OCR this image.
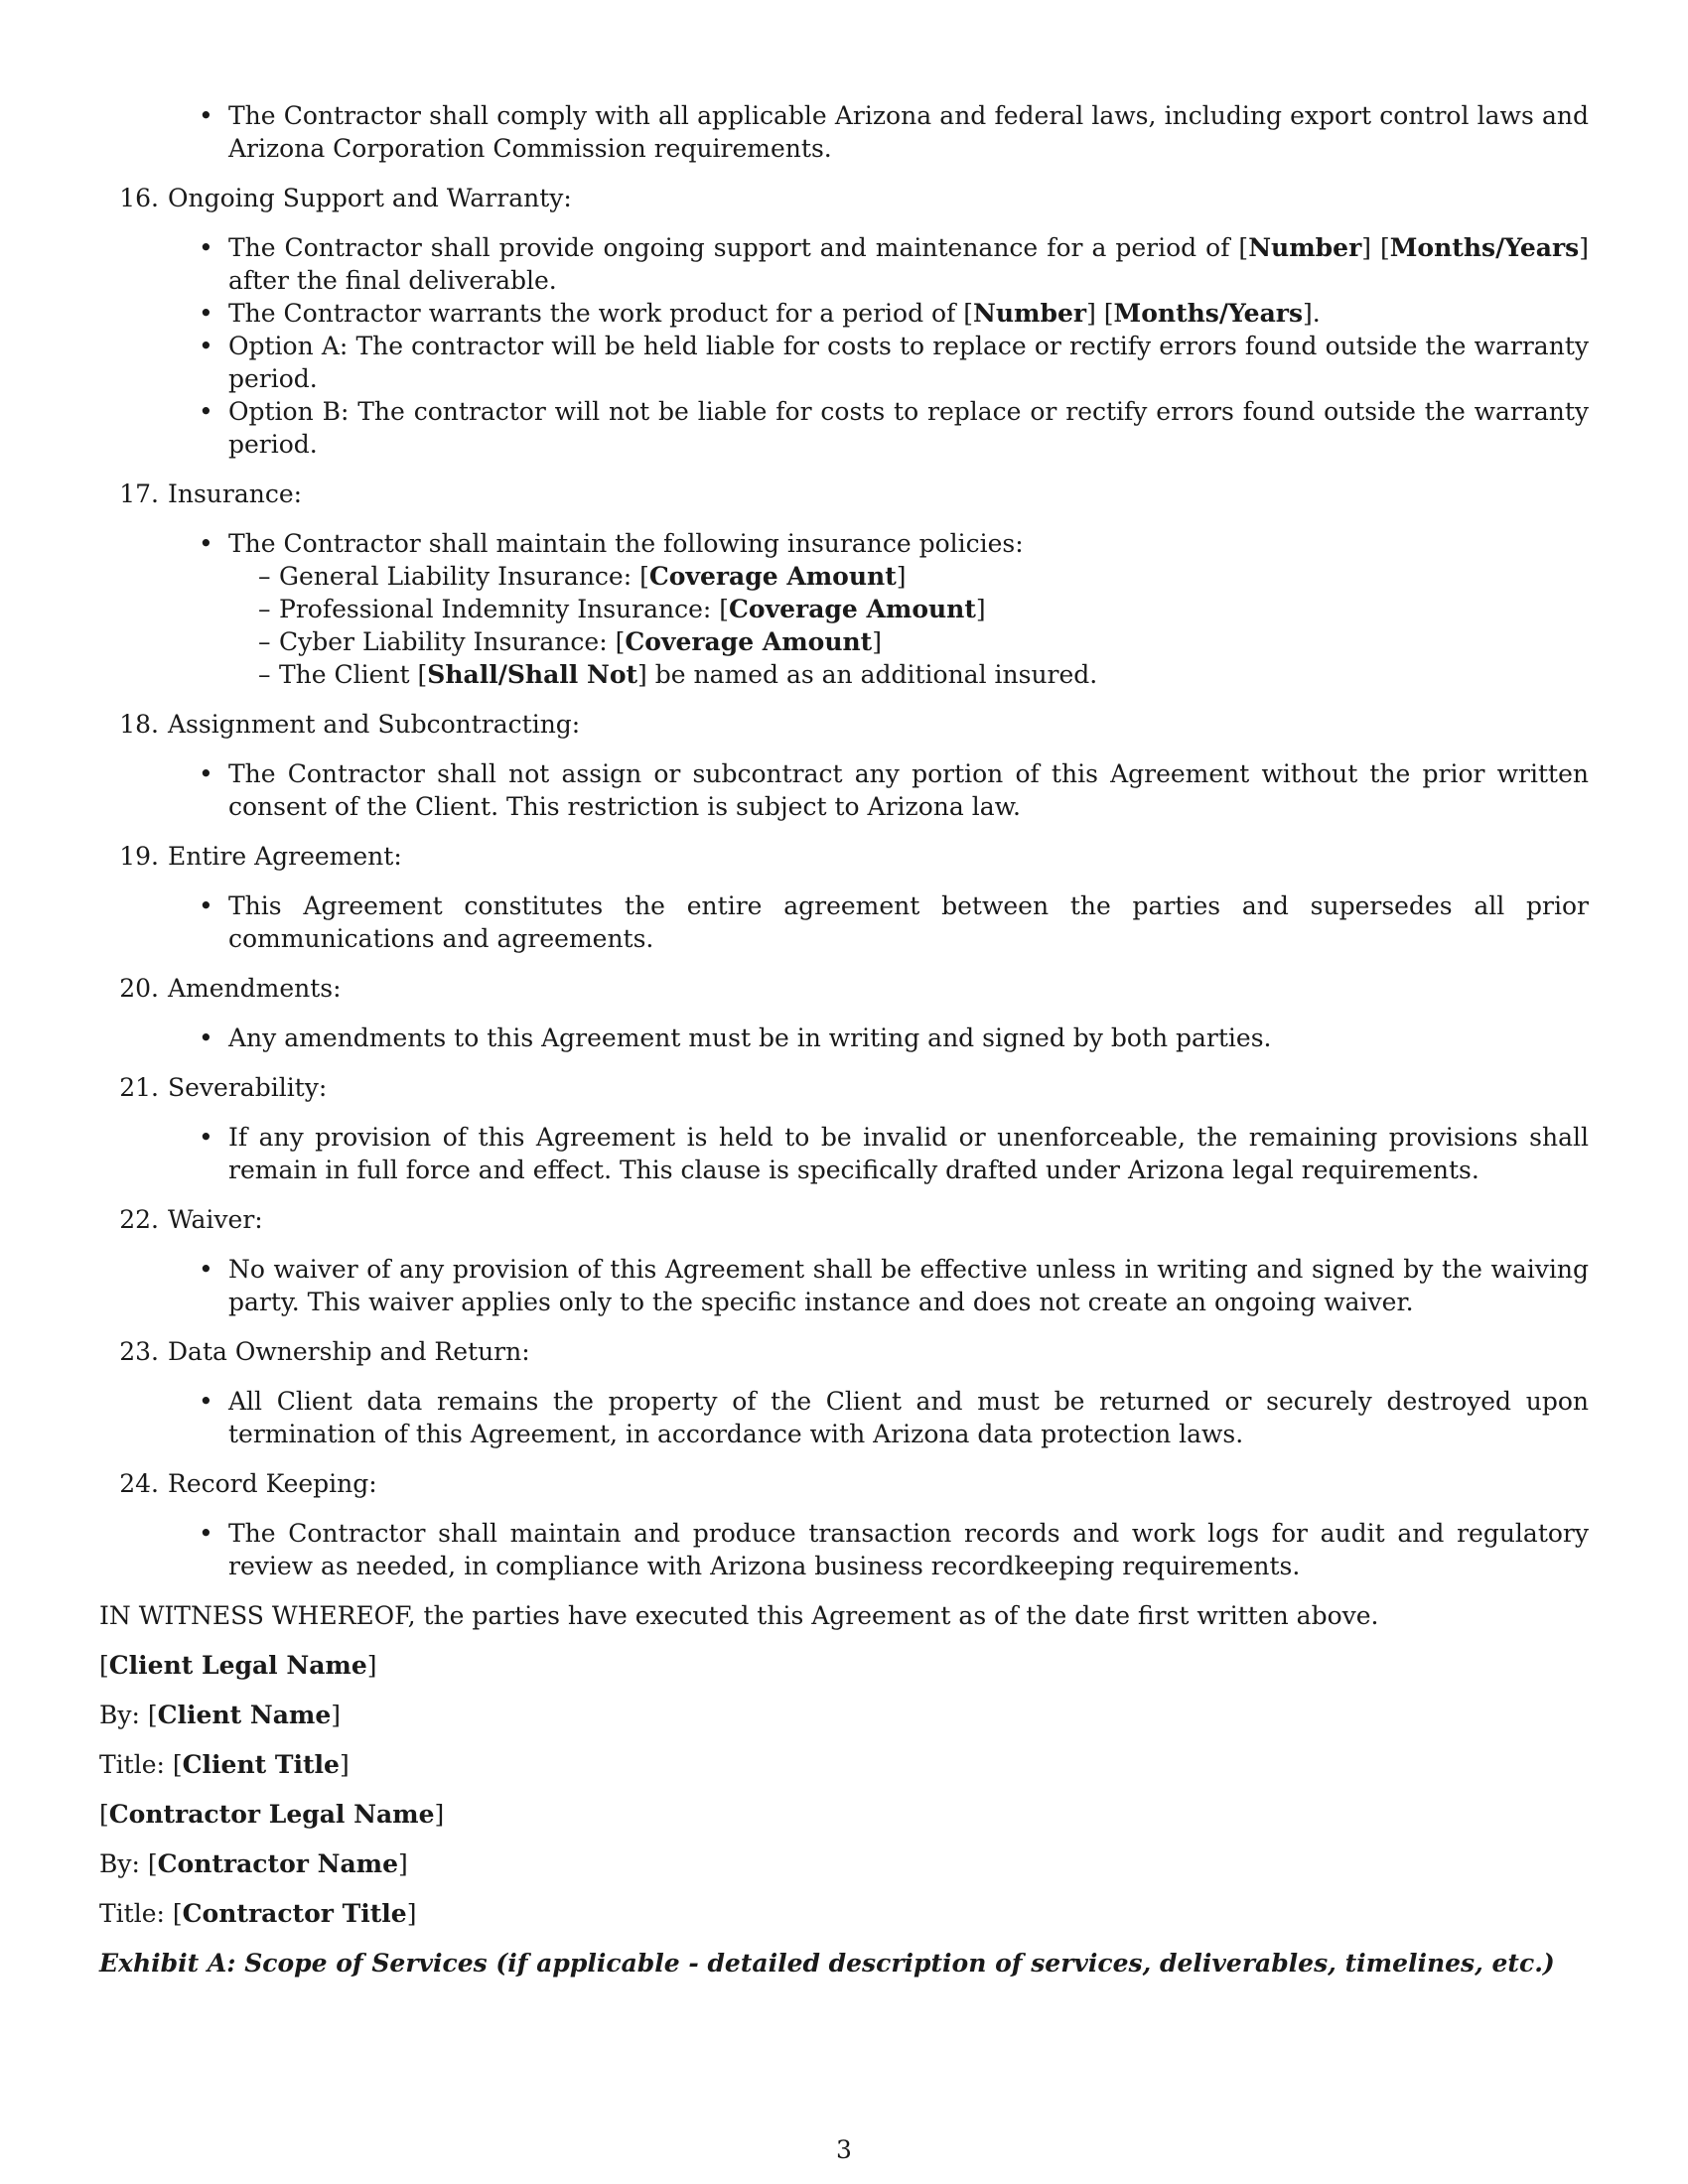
• The Contractor shall comply with all applicable Arizona and federal laws, including export control laws and Arizona Corporation Commission requirements.
16. Ongoing Support and Warranty:
• The Contractor shall provide ongoing support and maintenance for a period of [Number] [Months/Years] after the final deliverable.
• The Contractor warrants the work product for a period of [Number] [Months/Years].
• Option A: The contractor will be held liable for costs to replace or rectify errors found outside the warranty period.
• Option B: The contractor will not be liable for costs to replace or rectify errors found outside the warranty period.
17. Insurance:
• The Contractor shall maintain the following insurance policies:
– General Liability Insurance: [Coverage Amount]
– Professional Indemnity Insurance: [Coverage Amount]
– Cyber Liability Insurance: [Coverage Amount]
– The Client [Shall/Shall Not] be named as an additional insured.
18. Assignment and Subcontracting:
• The Contractor shall not assign or subcontract any portion of this Agreement without the prior written consent of the Client. This restriction is subject to Arizona law.
19. Entire Agreement:
• This Agreement constitutes the entire agreement between the parties and supersedes all prior communications and agreements.
20. Amendments:
• Any amendments to this Agreement must be in writing and signed by both parties.
21. Severability:
• If any provision of this Agreement is held to be invalid or unenforceable, the remaining provisions shall remain in full force and effect. This clause is specifically drafted under Arizona legal requirements.
22. Waiver:
• No waiver of any provision of this Agreement shall be effective unless in writing and signed by the waiving party. This waiver applies only to the specific instance and does not create an ongoing waiver.
23. Data Ownership and Return:
• All Client data remains the property of the Client and must be returned or securely destroyed upon termination of this Agreement, in accordance with Arizona data protection laws.
24. Record Keeping:
• The Contractor shall maintain and produce transaction records and work logs for audit and regulatory review as needed, in compliance with Arizona business recordkeeping requirements.
IN WITNESS WHEREOF, the parties have executed this Agreement as of the date first written above.
[Client Legal Name]
By: [Client Name]
Title: [Client Title]
[Contractor Legal Name]
By: [Contractor Name]
Title: [Contractor Title]
Exhibit A: Scope of Services (if applicable - detailed description of services, deliverables, timelines, etc.)
3
